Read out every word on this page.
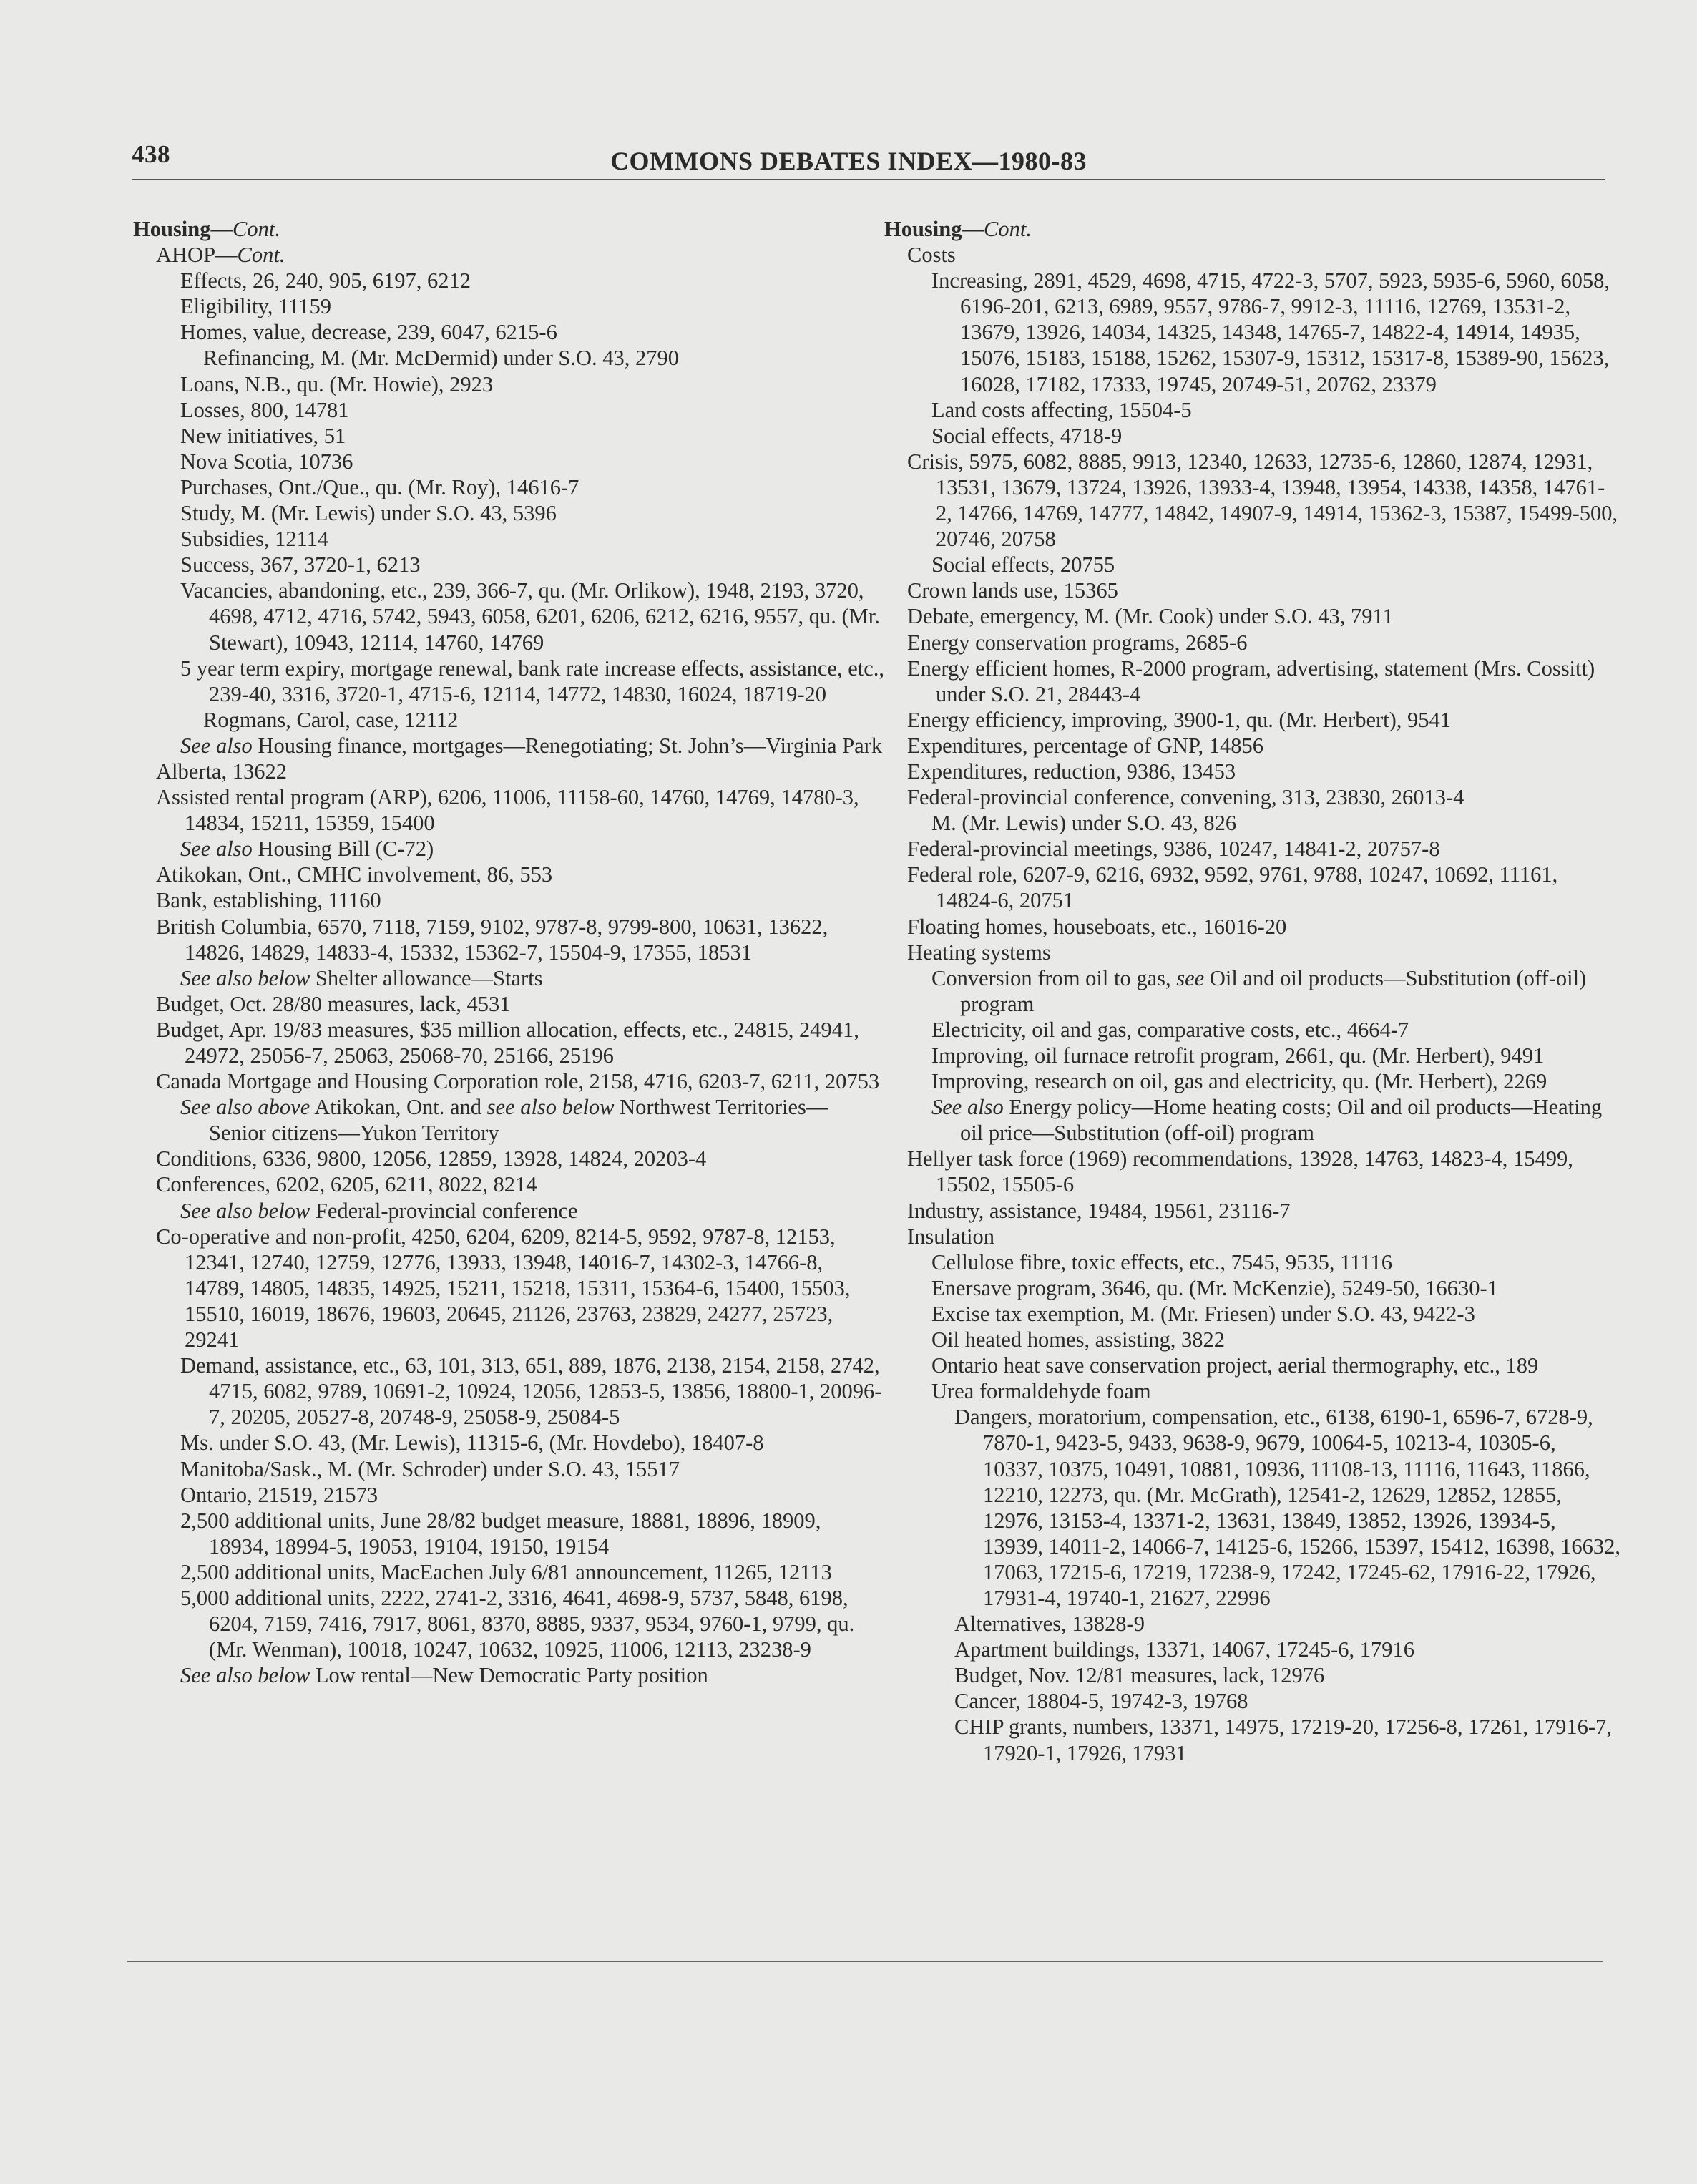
438	COMMONS DEBATES INDEX—1980-83
Housing—Cont.
AHOP—Cont.
Effects, 26, 240, 905, 6197, 6212
Eligibility, 11159
Homes, value, decrease, 239, 6047, 6215-6
Refinancing, M. (Mr. McDermid) under S.O. 43, 2790
Loans, N.B., qu. (Mr. Howie), 2923
Losses, 800, 14781
New initiatives, 51
Nova Scotia, 10736
Purchases, Ont./Que., qu. (Mr. Roy), 14616-7
Study, M. (Mr. Lewis) under S.O. 43, 5396
Subsidies, 12114
Success, 367, 3720-1, 6213
Vacancies, abandoning, etc., 239, 366-7, qu. (Mr. Orlikow), 1948, 2193, 3720, 4698, 4712, 4716, 5742, 5943, 6058, 6201, 6206, 6212, 6216, 9557, qu. (Mr. Stewart), 10943, 12114, 14760, 14769
5 year term expiry, mortgage renewal, bank rate increase effects, assistance, etc., 239-40, 3316, 3720-1, 4715-6, 12114, 14772, 14830, 16024, 18719-20
Rogmans, Carol, case, 12112
See also Housing finance, mortgages—Renegotiating; St. John’s—Virginia Park
Alberta, 13622
Assisted rental program (ARP), 6206, 11006, 11158-60, 14760, 14769, 14780-3, 14834, 15211, 15359, 15400
See also Housing Bill (C-72)
Atikokan, Ont., CMHC involvement, 86, 553
Bank, establishing, 11160
British Columbia, 6570, 7118, 7159, 9102, 9787-8, 9799-800, 10631, 13622, 14826, 14829, 14833-4, 15332, 15362-7, 15504-9, 17355, 18531
See also below Shelter allowance—Starts
Budget, Oct. 28/80 measures, lack, 4531
Budget, Apr. 19/83 measures, $35 million allocation, effects, etc., 24815, 24941, 24972, 25056-7, 25063, 25068-70, 25166, 25196
Canada Mortgage and Housing Corporation role, 2158, 4716, 6203-7, 6211, 20753
See also above Atikokan, Ont. and see also below Northwest Territories—Senior citizens—Yukon Territory
Conditions, 6336, 9800, 12056, 12859, 13928, 14824, 20203-4
Conferences, 6202, 6205, 6211, 8022, 8214
See also below Federal-provincial conference
Co-operative and non-profit, 4250, 6204, 6209, 8214-5, 9592, 9787-8, 12153, 12341, 12740, 12759, 12776, 13933, 13948, 14016-7, 14302-3, 14766-8, 14789, 14805, 14835, 14925, 15211, 15218, 15311, 15364-6, 15400, 15503, 15510, 16019, 18676, 19603, 20645, 21126, 23763, 23829, 24277, 25723, 29241
Demand, assistance, etc., 63, 101, 313, 651, 889, 1876, 2138, 2154, 2158, 2742, 4715, 6082, 9789, 10691-2, 10924, 12056, 12853-5, 13856, 18800-1, 20096-7, 20205, 20527-8, 20748-9, 25058-9, 25084-5
Ms. under S.O. 43, (Mr. Lewis), 11315-6, (Mr. Hovdebo), 18407-8
Manitoba/Sask., M. (Mr. Schroder) under S.O. 43, 15517
Ontario, 21519, 21573
2,500 additional units, June 28/82 budget measure, 18881, 18896, 18909, 18934, 18994-5, 19053, 19104, 19150, 19154
2,500 additional units, MacEachen July 6/81 announcement, 11265, 12113
5,000 additional units, 2222, 2741-2, 3316, 4641, 4698-9, 5737, 5848, 6198, 6204, 7159, 7416, 7917, 8061, 8370, 8885, 9337, 9534, 9760-1, 9799, qu. (Mr. Wenman), 10018, 10247, 10632, 10925, 11006, 12113, 23238-9
See also below Low rental—New Democratic Party position
Housing—Cont.
Costs
Increasing, 2891, 4529, 4698, 4715, 4722-3, 5707, 5923, 5935-6, 5960, 6058, 6196-201, 6213, 6989, 9557, 9786-7, 9912-3, 11116, 12769, 13531-2, 13679, 13926, 14034, 14325, 14348, 14765-7, 14822-4, 14914, 14935, 15076, 15183, 15188, 15262, 15307-9, 15312, 15317-8, 15389-90, 15623, 16028, 17182, 17333, 19745, 20749-51, 20762, 23379
Land costs affecting, 15504-5
Social effects, 4718-9
Crisis, 5975, 6082, 8885, 9913, 12340, 12633, 12735-6, 12860, 12874, 12931, 13531, 13679, 13724, 13926, 13933-4, 13948, 13954, 14338, 14358, 14761-2, 14766, 14769, 14777, 14842, 14907-9, 14914, 15362-3, 15387, 15499-500, 20746, 20758
Social effects, 20755
Crown lands use, 15365
Debate, emergency, M. (Mr. Cook) under S.O. 43, 7911
Energy conservation programs, 2685-6
Energy efficient homes, R-2000 program, advertising, statement (Mrs. Cossitt) under S.O. 21, 28443-4
Energy efficiency, improving, 3900-1, qu. (Mr. Herbert), 9541
Expenditures, percentage of GNP, 14856
Expenditures, reduction, 9386, 13453
Federal-provincial conference, convening, 313, 23830, 26013-4
M. (Mr. Lewis) under S.O. 43, 826
Federal-provincial meetings, 9386, 10247, 14841-2, 20757-8
Federal role, 6207-9, 6216, 6932, 9592, 9761, 9788, 10247, 10692, 11161, 14824-6, 20751
Floating homes, houseboats, etc., 16016-20
Heating systems
Conversion from oil to gas, see Oil and oil products—Substitution (off-oil) program
Electricity, oil and gas, comparative costs, etc., 4664-7
Improving, oil furnace retrofit program, 2661, qu. (Mr. Herbert), 9491
Improving, research on oil, gas and electricity, qu. (Mr. Herbert), 2269
See also Energy policy—Home heating costs; Oil and oil products—Heating oil price—Substitution (off-oil) program
Hellyer task force (1969) recommendations, 13928, 14763, 14823-4, 15499, 15502, 15505-6
Industry, assistance, 19484, 19561, 23116-7
Insulation
Cellulose fibre, toxic effects, etc., 7545, 9535, 11116
Enersave program, 3646, qu. (Mr. McKenzie), 5249-50, 16630-1
Excise tax exemption, M. (Mr. Friesen) under S.O. 43, 9422-3
Oil heated homes, assisting, 3822
Ontario heat save conservation project, aerial thermography, etc., 189
Urea formaldehyde foam
Dangers, moratorium, compensation, etc., 6138, 6190-1, 6596-7, 6728-9, 7870-1, 9423-5, 9433, 9638-9, 9679, 10064-5, 10213-4, 10305-6, 10337, 10375, 10491, 10881, 10936, 11108-13, 11116, 11643, 11866, 12210, 12273, qu. (Mr. McGrath), 12541-2, 12629, 12852, 12855, 12976, 13153-4, 13371-2, 13631, 13849, 13852, 13926, 13934-5, 13939, 14011-2, 14066-7, 14125-6, 15266, 15397, 15412, 16398, 16632, 17063, 17215-6, 17219, 17238-9, 17242, 17245-62, 17916-22, 17926, 17931-4, 19740-1, 21627, 22996
Alternatives, 13828-9
Apartment buildings, 13371, 14067, 17245-6, 17916
Budget, Nov. 12/81 measures, lack, 12976
Cancer, 18804-5, 19742-3, 19768
CHIP grants, numbers, 13371, 14975, 17219-20, 17256-8, 17261, 17916-7, 17920-1, 17926, 17931
